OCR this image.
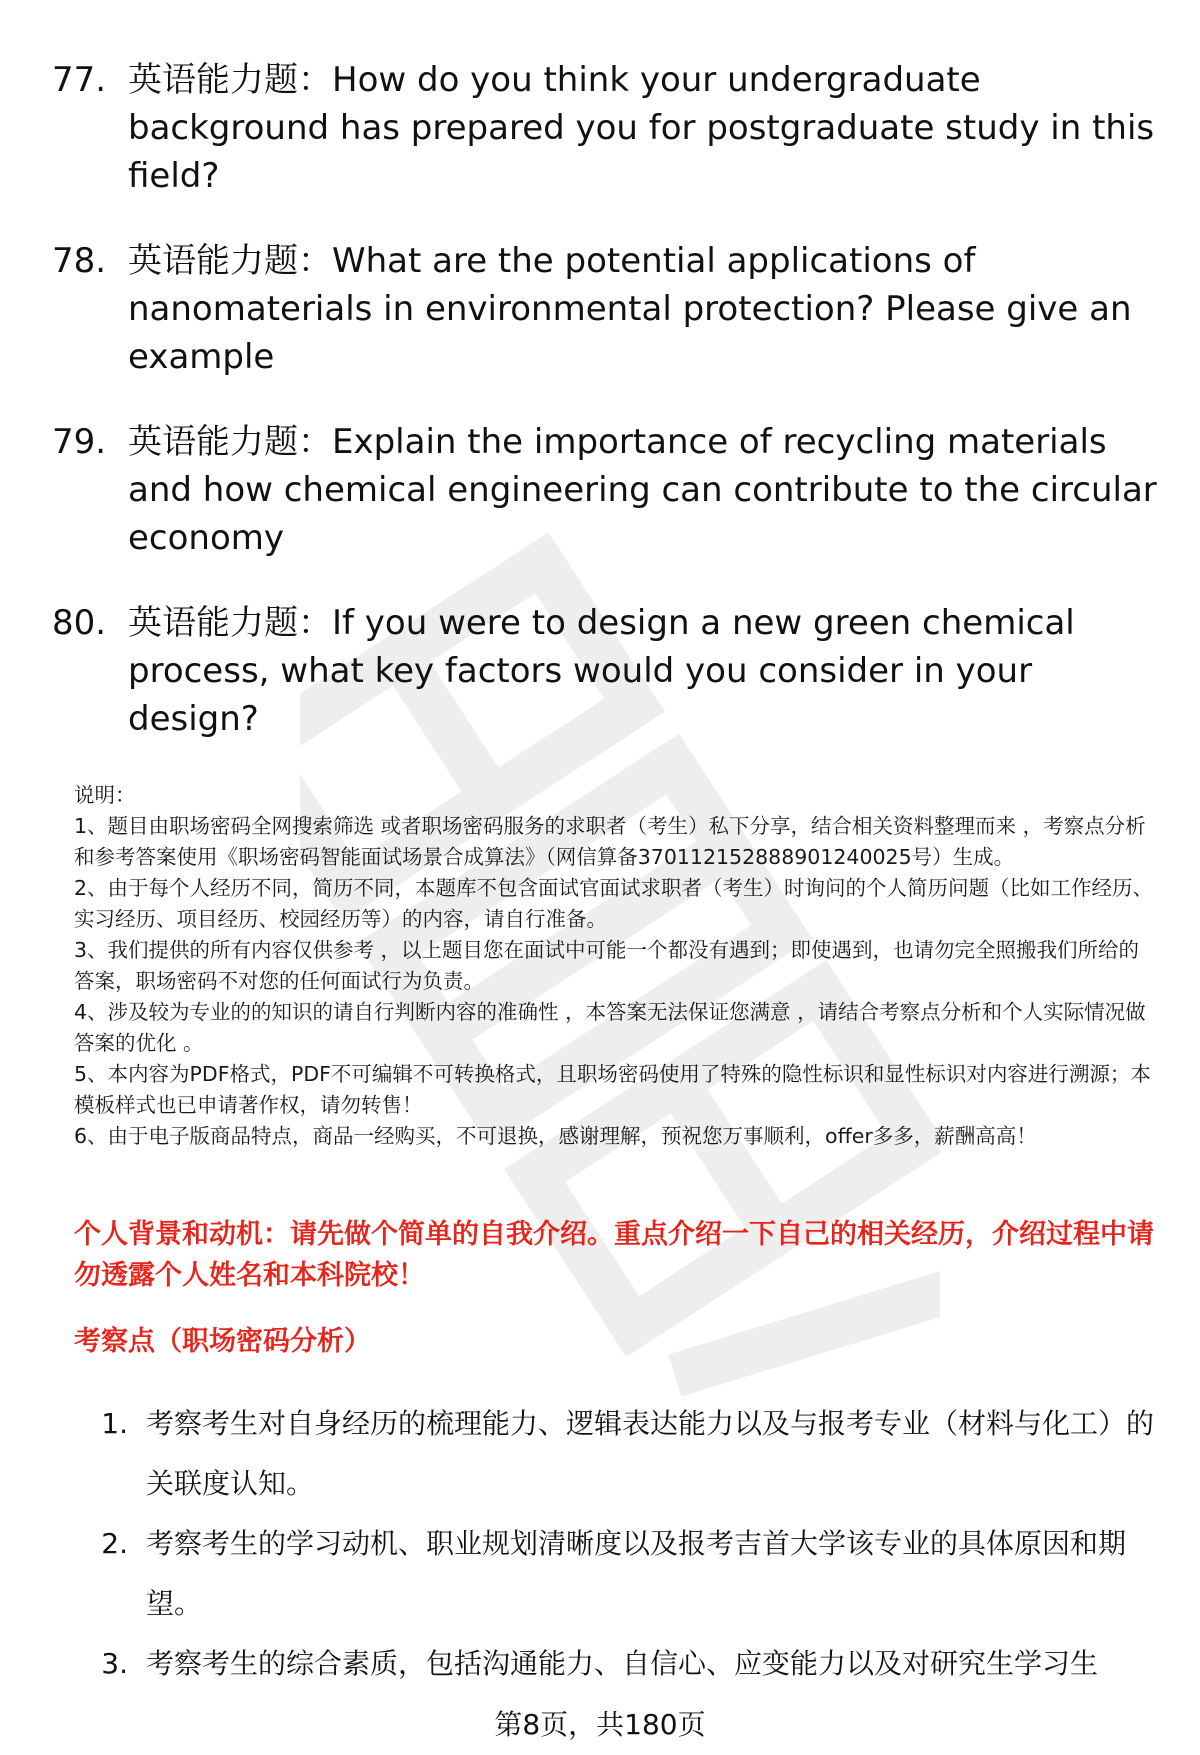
77. 英语能力题：How do you think your undergraduate background has prepared you for postgraduate study in this field?
78. 英语能力题：What are the potential applications of nanomaterials in environmental protection? Please give an example
79. 英语能力题：Explain the importance of recycling materials and how chemical engineering can contribute to the circular economy
80. 英语能力题：If you were to design a new green chemical process, what key factors would you consider in your design?

说明：

1、题目由职场密码全网搜索筛选 或者职场密码服务的求职者（考生）私下分享，结合相关资料整理而来 ，考察点分析和参考答案使用《职场密码智能面试场景合成算法》（网信算备370112152888901240025号）生成。

2、由于每个人经历不同，简历不同，本题库不包含面试官面试求职者（考生）时询问的个人简历问题（比如工作经历、实习经历、项目经历、校园经历等）的内容，请自行准备。

3、我们提供的所有内容仅供参考 ，以上题目您在面试中可能一个都没有遇到；即使遇到，也请勿完全照搬我们所给的答案，职场密码不对您的任何面试行为负责。

4、涉及较为专业的的知识的请自行判断内容的准确性 ，本答案无法保证您满意 ，请结合考察点分析和个人实际情况做答案的优化 。

5、本内容为PDF格式，PDF不可编辑不可转换格式，且职场密码使用了特殊的隐性标识和显性标识对内容进行溯源；本模板样式也已申请著作权，请勿转售！

6、由于电子版商品特点，商品一经购买，不可退换，感谢理解，预祝您万事顺利，offer多多，薪酬高高！

个人背景和动机：请先做个简单的自我介绍。重点介绍一下自己的相关经历，介绍过程中请勿透露个人姓名和本科院校！

考察点（职场密码分析）
1. 考察考生对自身经历的梳理能力、逻辑表达能力以及与报考专业（材料与化工）的关联度认知。
2. 考察考生的学习动机、职业规划清晰度以及报考吉首大学该专业的具体原因和期望。
3. 考察考生的综合素质，包括沟通能力、自信心、应变能力以及对研究生学习生
第8页，共180页
